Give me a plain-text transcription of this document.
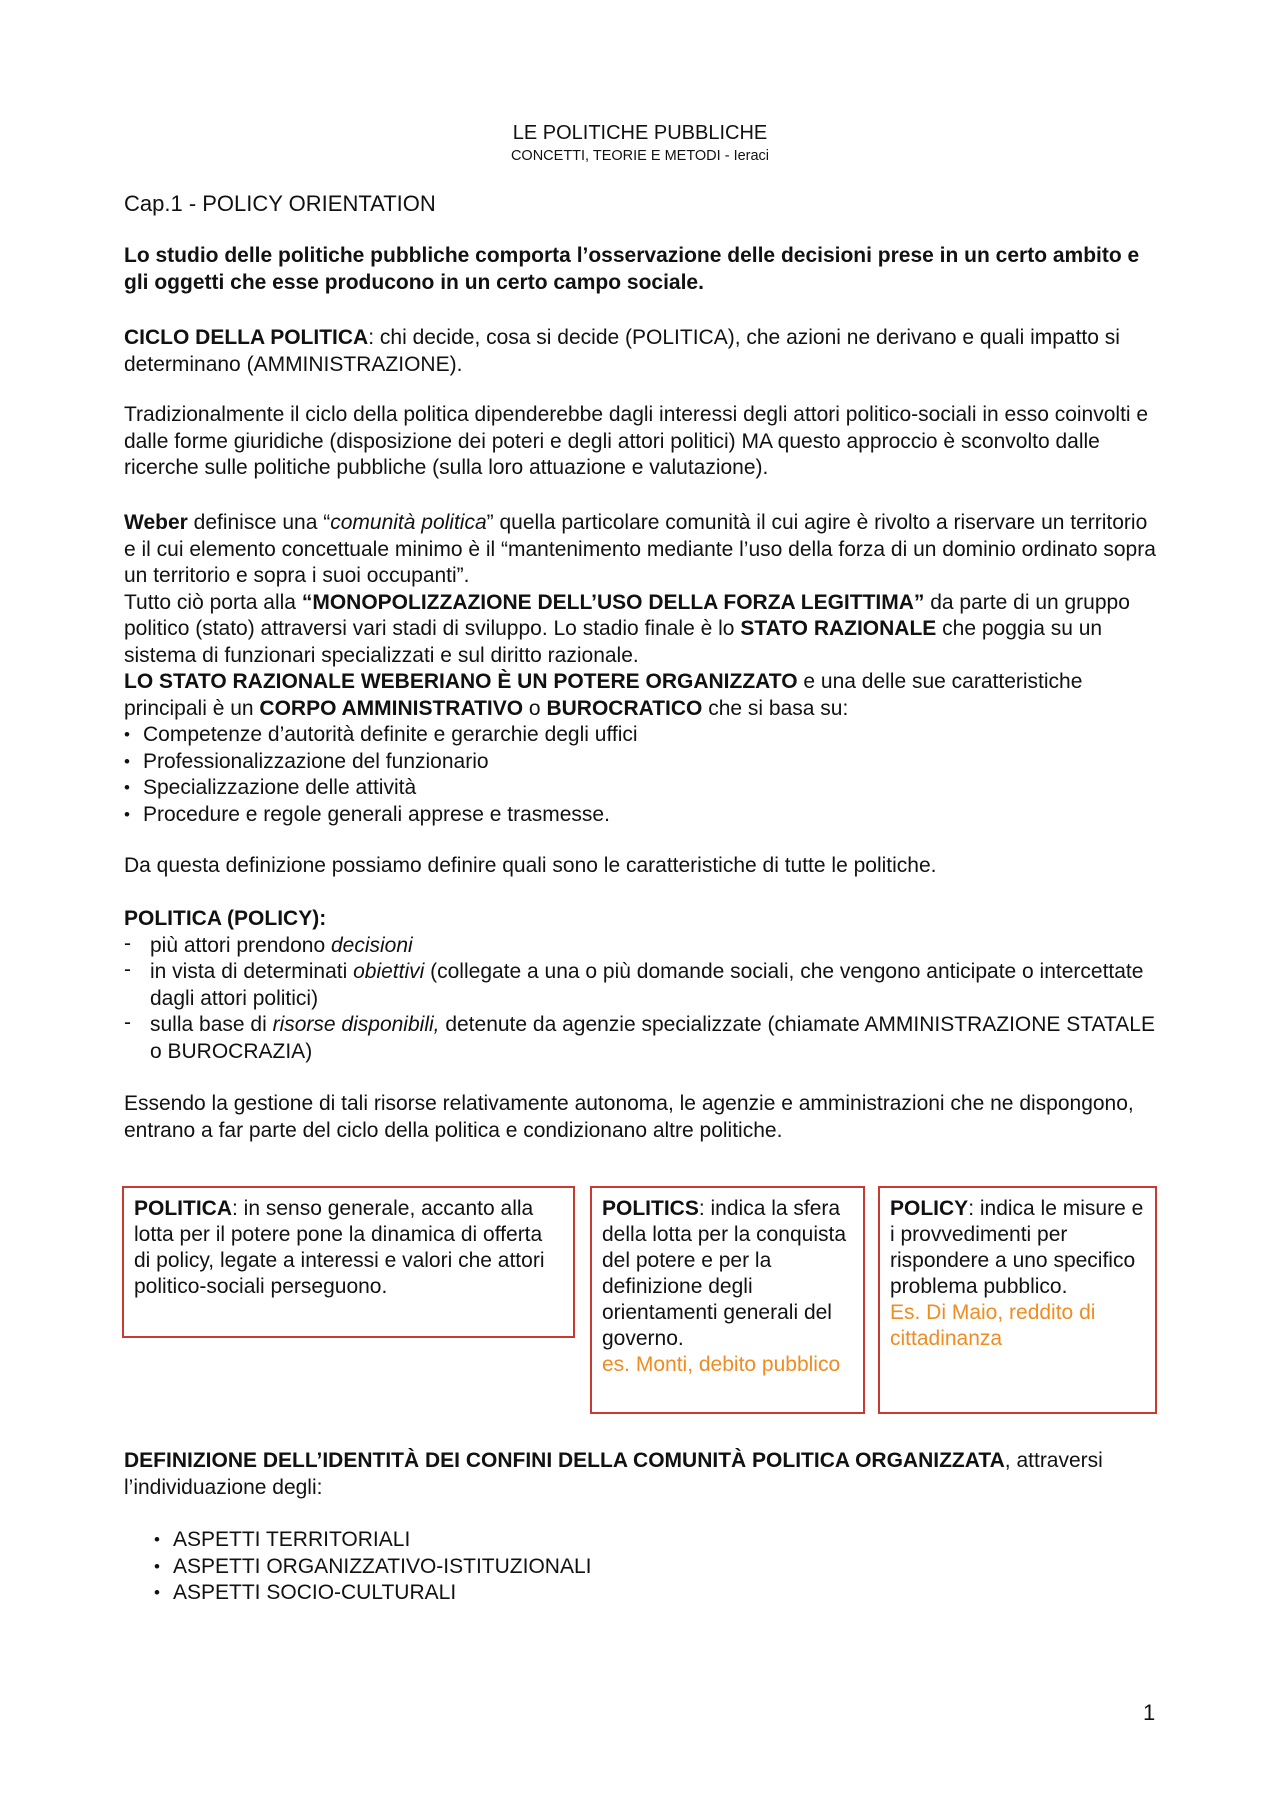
LE POLITICHE PUBBLICHE
CONCETTI, TEORIE E METODI - Ieraci
Cap.1 - POLICY ORIENTATION
Lo studio delle politiche pubbliche comporta l’osservazione delle decisioni prese in un certo ambito e gli oggetti che esse producono in un certo campo sociale.
CICLO DELLA POLITICA: chi decide, cosa si decide (POLITICA), che azioni ne derivano e quali impatto si determinano (AMMINISTRAZIONE).
Tradizionalmente il ciclo della politica dipenderebbe dagli interessi degli attori politico-sociali in esso coinvolti e dalle forme giuridiche (disposizione dei poteri e degli attori politici) MA questo approccio è sconvolto dalle ricerche sulle politiche pubbliche (sulla loro attuazione e valutazione).
Weber definisce una “comunità politica” quella particolare comunità il cui agire è rivolto a riservare un territorio e il cui elemento concettuale minimo è il “mantenimento mediante l’uso della forza di un dominio ordinato sopra un territorio e sopra i suoi occupanti”.
Tutto ciò porta alla “MONOPOLIZZAZIONE DELL’USO DELLA FORZA LEGITTIMA” da parte di un gruppo politico (stato) attraversi vari stadi di sviluppo. Lo stadio finale è lo STATO RAZIONALE che poggia su un sistema di funzionari specializzati e sul diritto razionale.
LO STATO RAZIONALE WEBERIANO È UN POTERE ORGANIZZATO e una delle sue caratteristiche principali è un CORPO AMMINISTRATIVO o BUROCRATICO che si basa su:
• Competenze d’autorità definite e gerarchie degli uffici
• Professionalizzazione del funzionario
• Specializzazione delle attività
• Procedure e regole generali apprese e trasmesse.
Da questa definizione possiamo definire quali sono le caratteristiche di tutte le politiche.
POLITICA (POLICY):
- più attori prendono decisioni
- in vista di determinati obiettivi (collegate a una o più domande sociali, che vengono anticipate o intercettate dagli attori politici)
- sulla base di risorse disponibili, detenute da agenzie specializzate (chiamate AMMINISTRAZIONE STATALE o BUROCRAZIA)
Essendo la gestione di tali risorse relativamente autonoma, le agenzie e amministrazioni che ne dispongono, entrano a far parte del ciclo della politica e condizionano altre politiche.
POLITICA: in senso generale, accanto alla lotta per il potere pone la dinamica di offerta di policy, legate a interessi e valori che attori politico-sociali perseguono.
POLITICS: indica la sfera della lotta per la conquista del potere e per la definizione degli orientamenti generali del governo.
es. Monti, debito pubblico
POLICY: indica le misure e i provvedimenti per rispondere a uno specifico problema pubblico.
Es. Di Maio, reddito di cittadinanza
DEFINIZIONE DELL’IDENTITÀ DEI CONFINI DELLA COMUNITÀ POLITICA ORGANIZZATA, attraversi l’individuazione degli:
• ASPETTI TERRITORIALI
• ASPETTI ORGANIZZATIVO-ISTITUZIONALI
• ASPETTI SOCIO-CULTURALI
1
